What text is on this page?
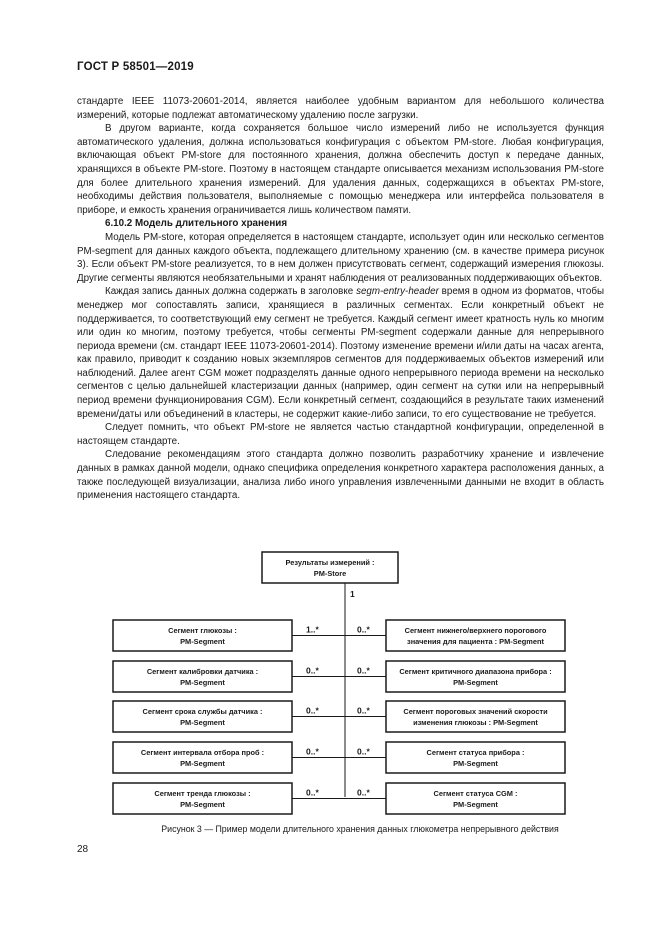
ГОСТ Р 58501—2019

стандарте IEEE 11073-20601-2014, является наиболее удобным вариантом для небольшого количества измерений, которые подлежат автоматическому удалению после загрузки.

В другом варианте, когда сохраняется большое число измерений либо не используется функция автоматического удаления, должна использоваться конфигурация с объектом PM-store. Любая конфигурация, включающая объект PM-store для постоянного хранения, должна обеспечить доступ к передаче данных, хранящихся в объекте PM-store. Поэтому в настоящем стандарте описывается механизм использования PM-store для более длительного хранения измерений. Для удаления данных, содержащихся в объектах PM-store, необходимы действия пользователя, выполняемые с помощью менеджера или интерфейса пользователя в приборе, и емкость хранения ограничивается лишь количеством памяти.

6.10.2 Модель длительного хранения

Модель PM-store, которая определяется в настоящем стандарте, использует один или несколько сегментов PM-segment для данных каждого объекта, подлежащего длительному хранению (см. в качестве примера рисунок 3). Если объект PM-store реализуется, то в нем должен присутствовать сегмент, содержащий измерения глюкозы. Другие сегменты являются необязательными и хранят наблюдения от реализованных поддерживающих объектов.

Каждая запись данных должна содержать в заголовке segm-entry-header время в одном из форматов, чтобы менеджер мог сопоставлять записи, хранящиеся в различных сегментах. Если конкретный объект не поддерживается, то соответствующий ему сегмент не требуется. Каждый сегмент имеет кратность нуль ко многим или один ко многим, поэтому требуется, чтобы сегменты PM-segment содержали данные для непрерывного периода времени (см. стандарт IEEE 11073-20601-2014). Поэтому изменение времени и/или даты на часах агента, как правило, приводит к созданию новых экземпляров сегментов для поддерживаемых объектов измерений или наблюдений. Далее агент CGM может подразделять данные одного непрерывного периода времени на несколько сегментов с целью дальнейшей кластеризации данных (например, один сегмент на сутки или на непрерывный период времени функционирования CGM). Если конкретный сегмент, создающийся в результате таких изменений времени/даты или объединений в кластеры, не содержит какие-либо записи, то его существование не требуется.

Следует помнить, что объект PM-store не является частью стандартной конфигурации, определенной в настоящем стандарте.

Следование рекомендациям этого стандарта должно позволить разработчику хранение и извлечение данных в рамках данной модели, однако специфика определения конкретного характера расположения данных, а также последующей визуализации, анализа либо иного управления извлеченными данными не входит в область применения настоящего стандарта.

Результаты измерений :
PM-Store
1
Сегмент глюкозы :
PM-Segment
Сегмент нижнего/верхнего порогового
значения для пациента : PM-Segment
1..*	0..*
Сегмент калибровки датчика :
PM-Segment
Сегмент критичного диапазона прибора :
PM-Segment
0..*	0..*
Сегмент срока службы датчика :
PM-Segment
Сегмент пороговых значений скорости
изменения глюкозы : PM-Segment
0..*	0..*
Сегмент интервала отбора проб :
PM-Segment
Сегмент статуса прибора :
PM-Segment
0..*	0..*
Сегмент тренда глюкозы :
PM-Segment
Сегмент статуса CGM :
PM-Segment
0..*	0..*
Рисунок 3 — Пример модели длительного хранения данных глюкометра непрерывного действия
28
